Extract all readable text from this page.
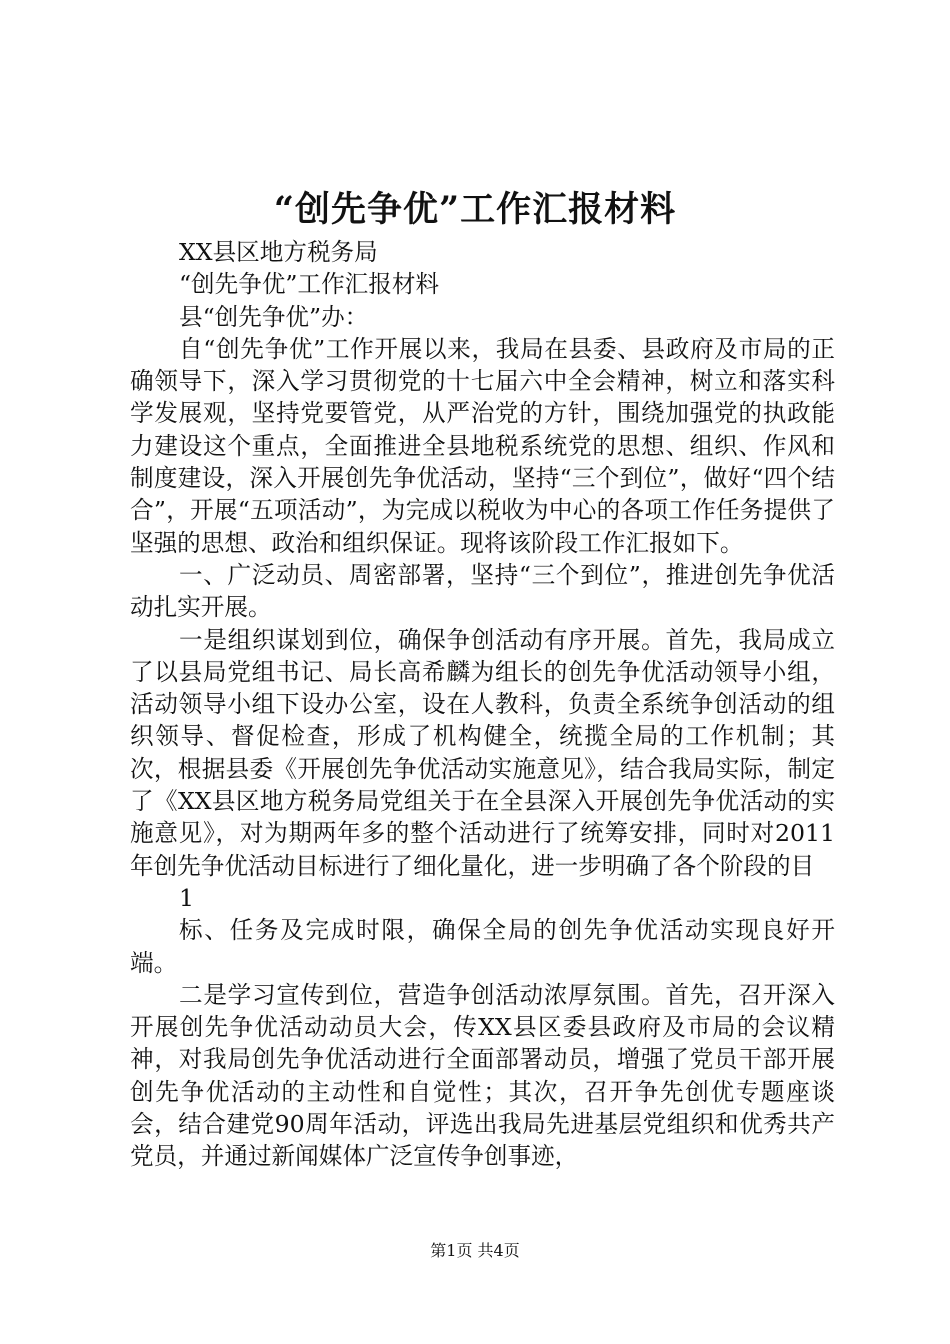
“创先争优”工作汇报材料

XX县区地方税务局

“创先争优”工作汇报材料

县“创先争优”办：

自“创先争优”工作开展以来，我局在县委、县政府及市局的正确领导下，深入学习贯彻党的十七届六中全会精神，树立和落实科学发展观，坚持党要管党，从严治党的方针，围绕加强党的执政能力建设这个重点，全面推进全县地税系统党的思想、组织、作风和制度建设，深入开展创先争优活动，坚持“三个到位”，做好“四个结合”，开展“五项活动”，为完成以税收为中心的各项工作任务提供了坚强的思想、政治和组织保证。现将该阶段工作汇报如下。

一、广泛动员、周密部署，坚持“三个到位”，推进创先争优活动扎实开展。

一是组织谋划到位，确保争创活动有序开展。首先，我局成立了以县局党组书记、局长高希麟为组长的创先争优活动领导小组，活动领导小组下设办公室，设在人教科，负责全系统争创活动的组织领导、督促检查，形成了机构健全，统揽全局的工作机制；其次，根据县委《开展创先争优活动实施意见》，结合我局实际，制定了《XX县区地方税务局党组关于在全县深入开展创先争优活动的实施意见》，对为期两年多的整个活动进行了统筹安排，同时对2011年创先争优活动目标进行了细化量化，进一步明确了各个阶段的目

1

标、任务及完成时限，确保全局的创先争优活动实现良好开端。

二是学习宣传到位，营造争创活动浓厚氛围。首先，召开深入开展创先争优活动动员大会，传XX县区委县政府及市局的会议精神，对我局创先争优活动进行全面部署动员，增强了党员干部开展创先争优活动的主动性和自觉性；其次，召开争先创优专题座谈会，结合建党90周年活动，评选出我局先进基层党组织和优秀共产党员，并通过新闻媒体广泛宣传争创事迹，

第1页 共4页
